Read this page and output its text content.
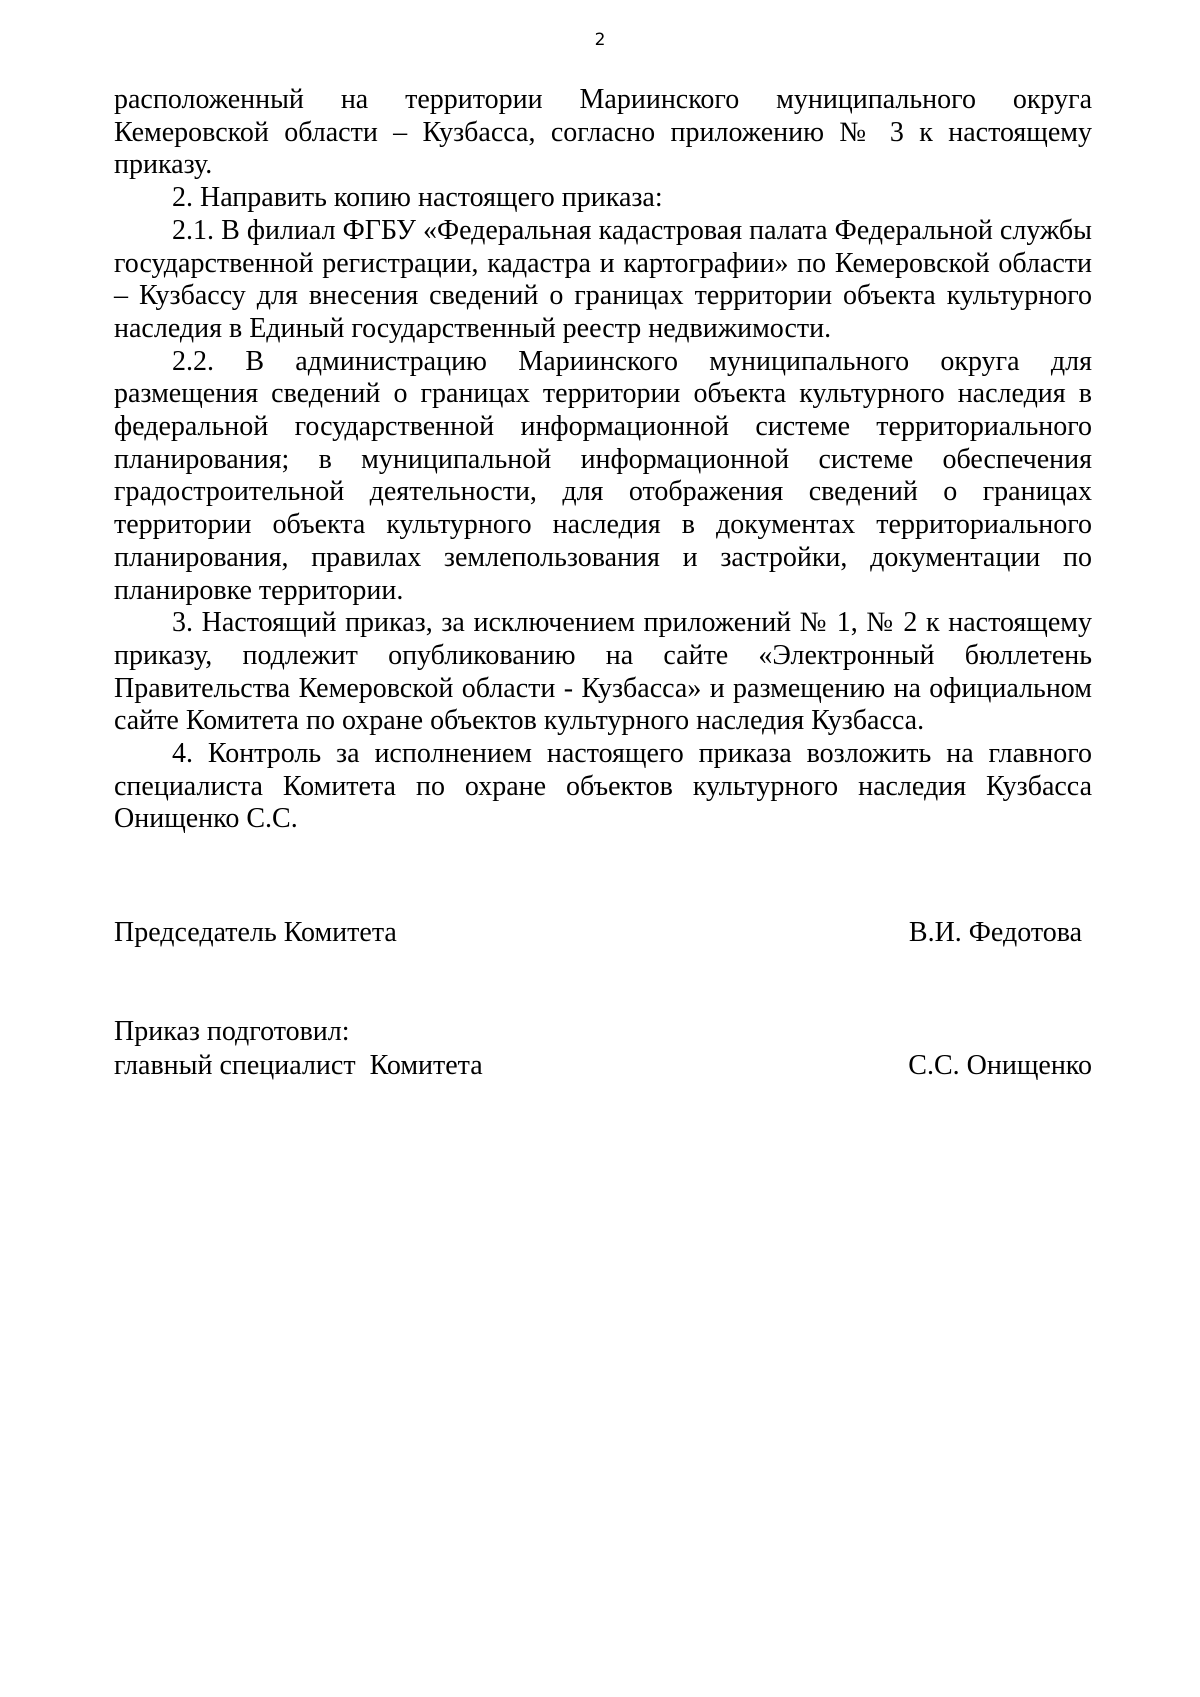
2

расположенный на территории Мариинского муниципального округа Кемеровской области – Кузбасса, согласно приложению № 3 к настоящему приказу.

2. Направить копию настоящего приказа:

2.1. В филиал ФГБУ «Федеральная кадастровая палата Федеральной службы государственной регистрации, кадастра и картографии» по Кемеровской области – Кузбассу для внесения сведений о границах территории объекта культурного наследия в Единый государственный реестр недвижимости.

2.2. В администрацию Мариинского муниципального округа для размещения сведений о границах территории объекта культурного наследия в федеральной государственной информационной системе территориального планирования; в муниципальной информационной системе обеспечения градостроительной деятельности, для отображения сведений о границах территории объекта культурного наследия в документах территориального планирования, правилах землепользования и застройки, документации по планировке территории.

3. Настоящий приказ, за исключением приложений № 1, № 2 к настоящему приказу, подлежит опубликованию на сайте «Электронный бюллетень Правительства Кемеровской области - Кузбасса» и размещению на официальном сайте Комитета по охране объектов культурного наследия Кузбасса.

4. Контроль за исполнением настоящего приказа возложить на главного специалиста Комитета по охране объектов культурного наследия Кузбасса Онищенко С.С.

Председатель Комитета	В.И. Федотова
Приказ подготовил:
главный специалист  Комитета	С.С. Онищенко
